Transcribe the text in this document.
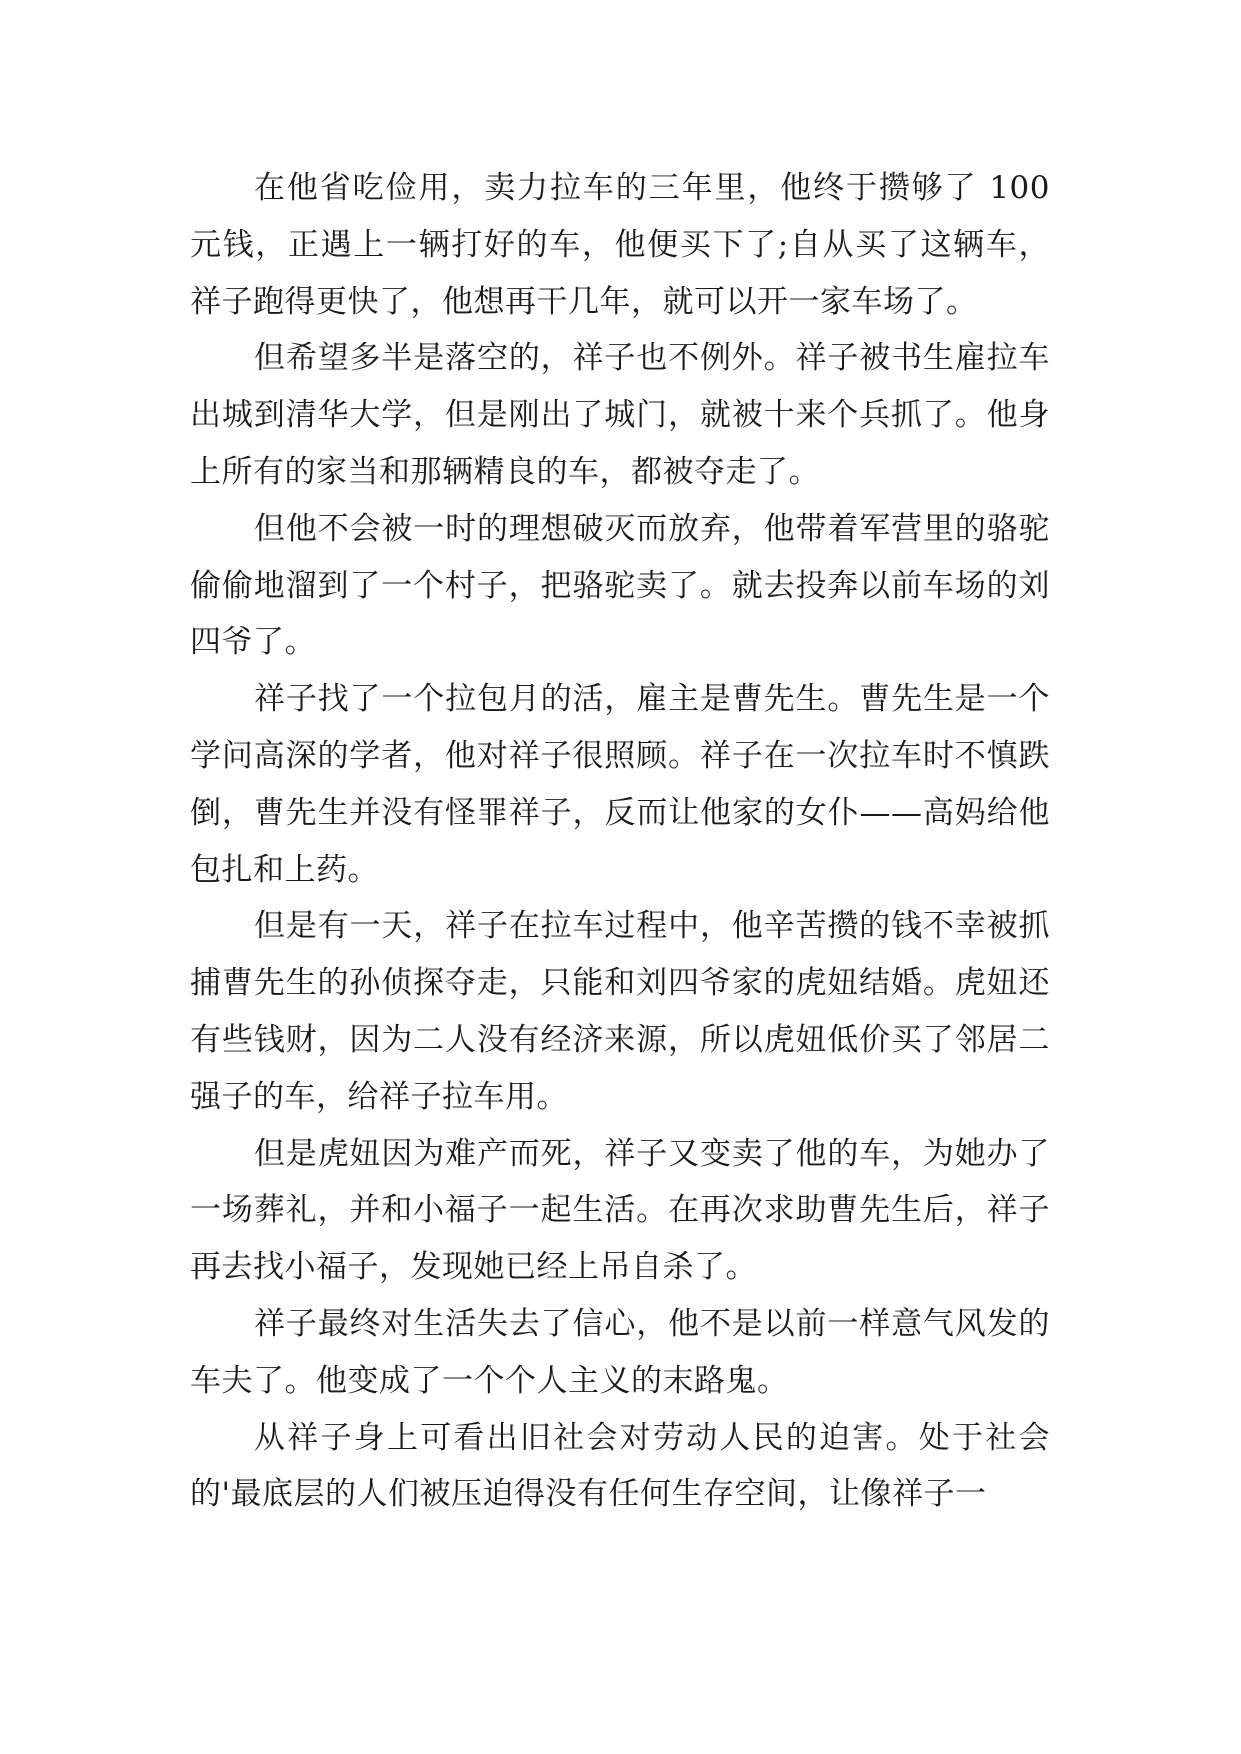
在他省吃俭用，卖力拉车的三年里，他终于攒够了 100 元钱，正遇上一辆打好的车，他便买下了;自从买了这辆车，祥子跑得更快了，他想再干几年，就可以开一家车场了。

但希望多半是落空的，祥子也不例外。祥子被书生雇拉车出城到清华大学，但是刚出了城门，就被十来个兵抓了。他身上所有的家当和那辆精良的车，都被夺走了。

但他不会被一时的理想破灭而放弃，他带着军营里的骆驼偷偷地溜到了一个村子，把骆驼卖了。就去投奔以前车场的刘四爷了。

祥子找了一个拉包月的活，雇主是曹先生。曹先生是一个学问高深的学者，他对祥子很照顾。祥子在一次拉车时不慎跌倒，曹先生并没有怪罪祥子，反而让他家的女仆——高妈给他包扎和上药。

但是有一天，祥子在拉车过程中，他辛苦攒的钱不幸被抓捕曹先生的孙侦探夺走，只能和刘四爷家的虎妞结婚。虎妞还有些钱财，因为二人没有经济来源，所以虎妞低价买了邻居二强子的车，给祥子拉车用。

但是虎妞因为难产而死，祥子又变卖了他的车，为她办了一场葬礼，并和小福子一起生活。在再次求助曹先生后，祥子再去找小福子，发现她已经上吊自杀了。

祥子最终对生活失去了信心，他不是以前一样意气风发的车夫了。他变成了一个个人主义的末路鬼。

从祥子身上可看出旧社会对劳动人民的迫害。处于社会的'最底层的人们被压迫得没有任何生存空间，让像祥子一
